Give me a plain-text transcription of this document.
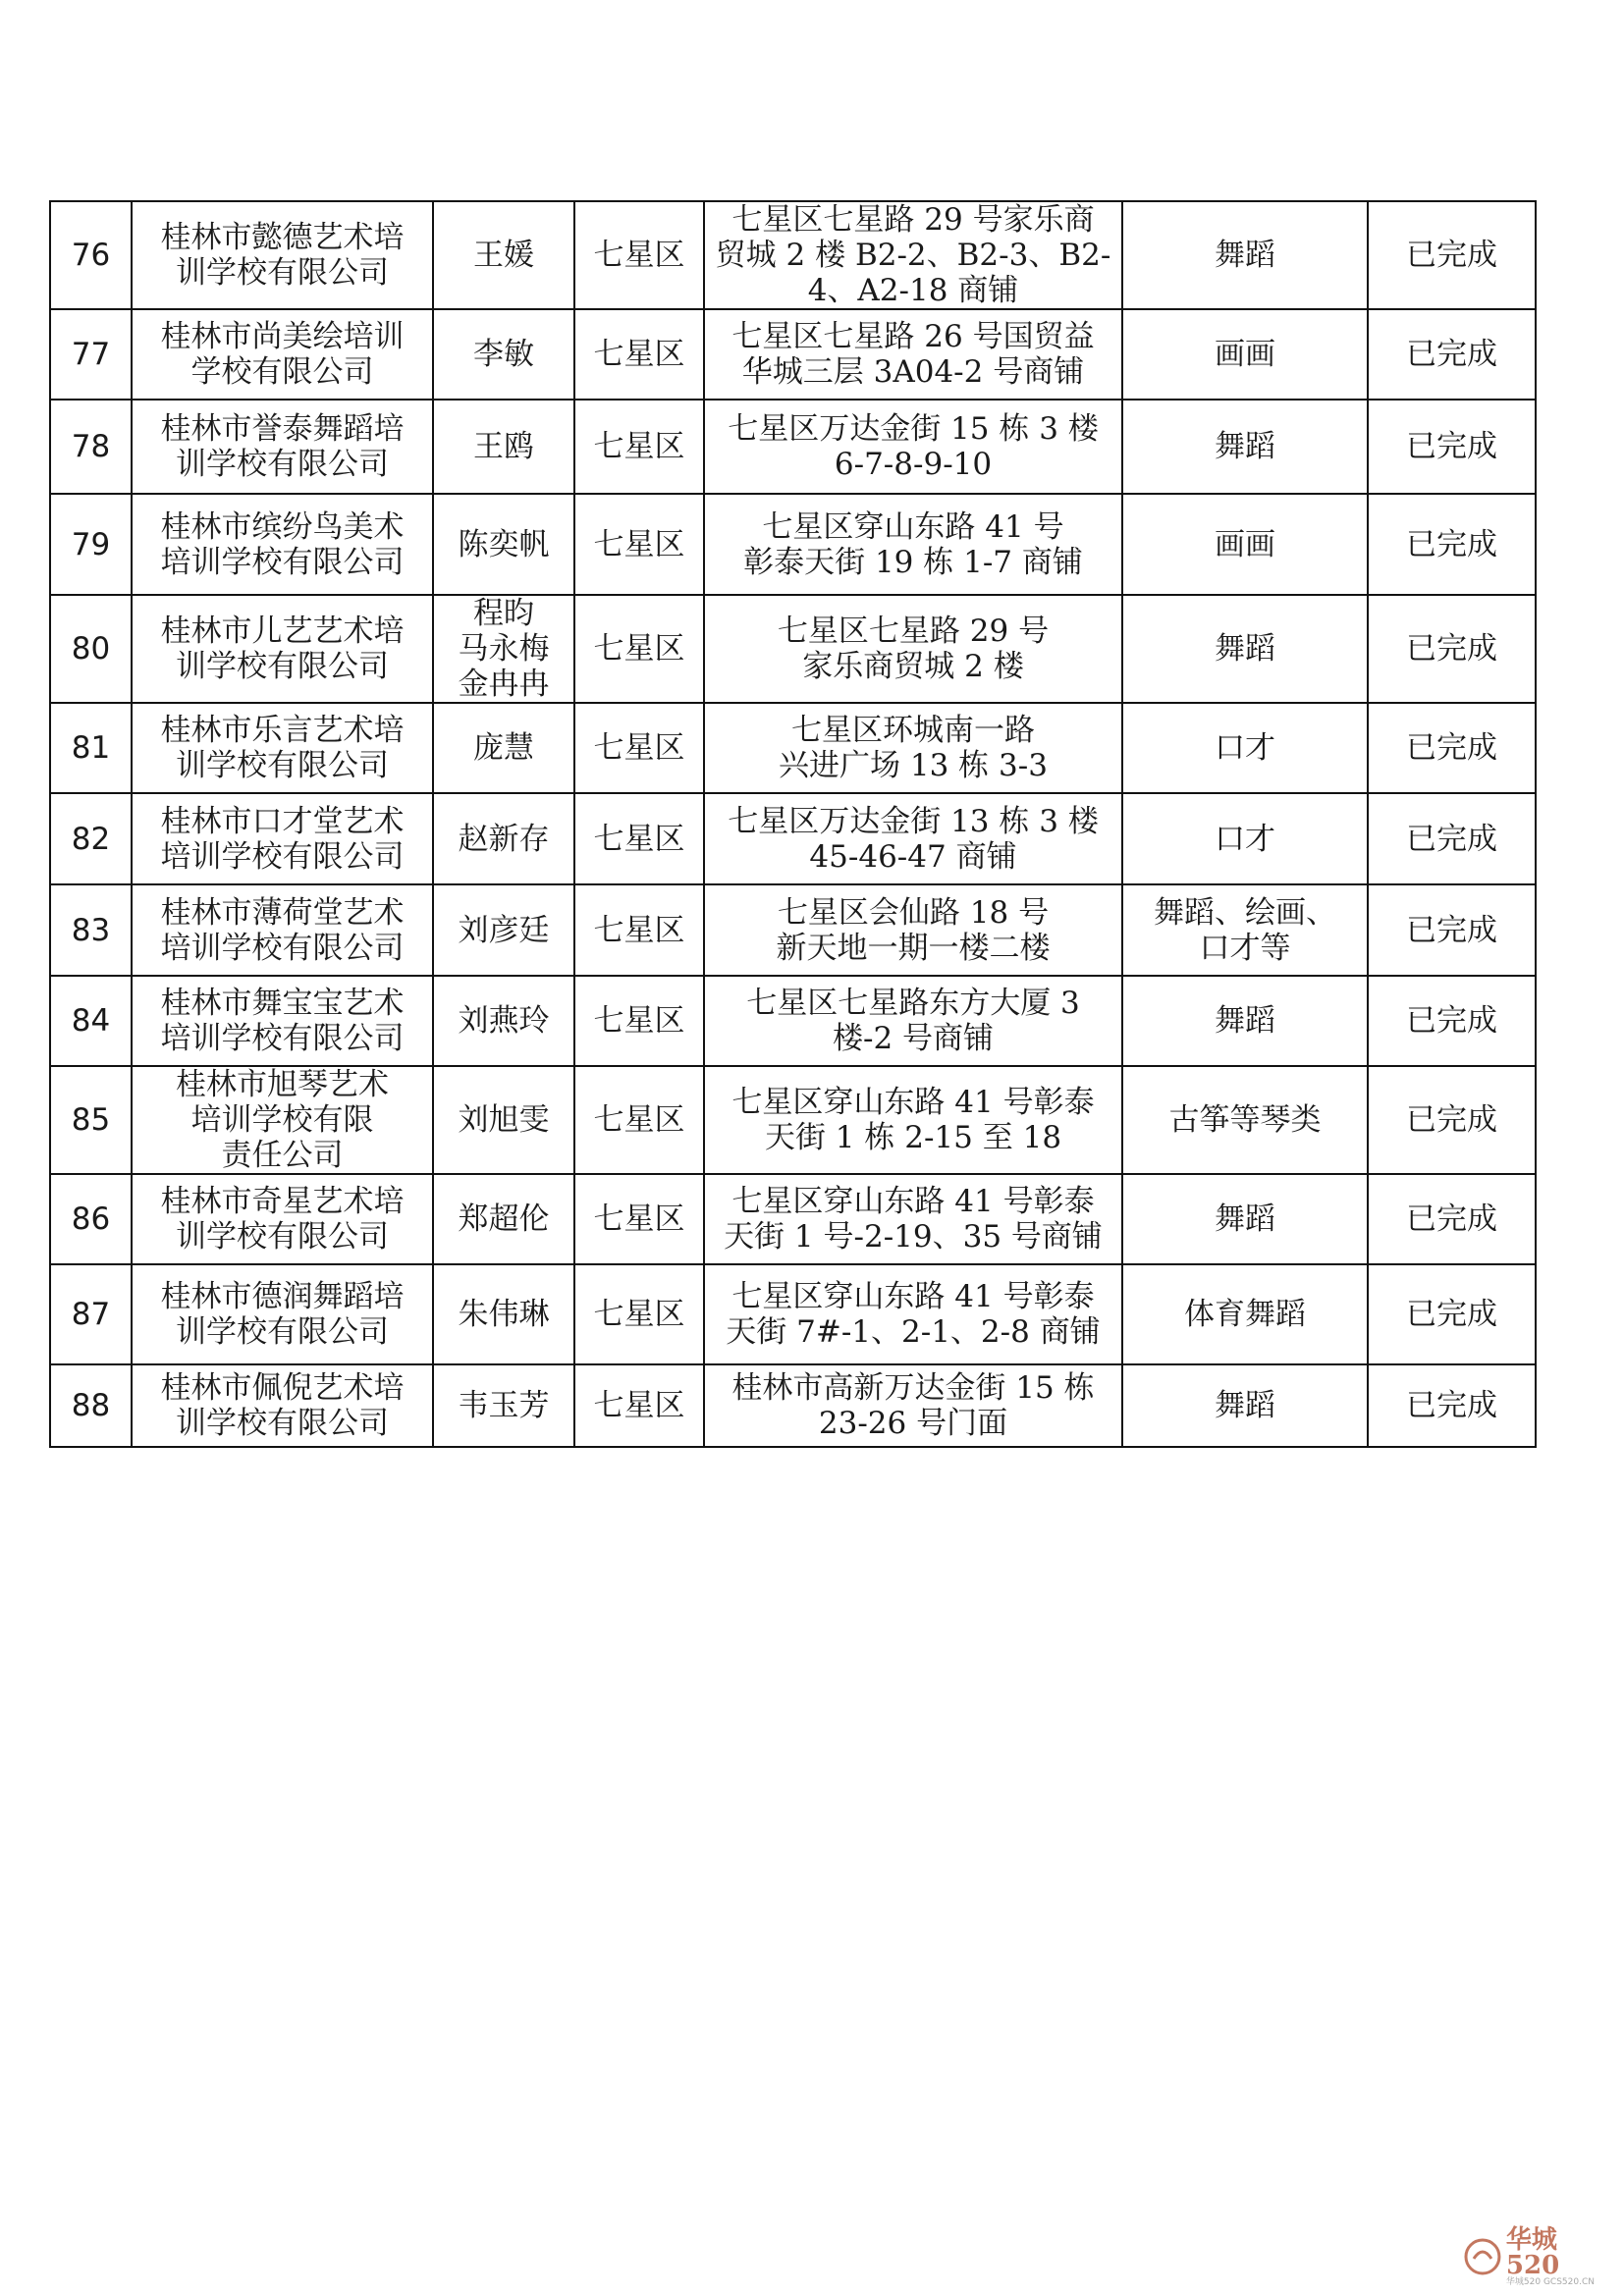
76	桂林市懿德艺术培
训学校有限公司	王媛	七星区	七星区七星路 29 号家乐商
贸城 2 楼 B2-2、B2-3、B2-
4、A2-18 商铺	舞蹈	已完成
77	桂林市尚美绘培训
学校有限公司	李敏	七星区	七星区七星路 26 号国贸益
华城三层 3A04-2 号商铺	画画	已完成
78	桂林市誉泰舞蹈培
训学校有限公司	王鸥	七星区	七星区万达金街 15 栋 3 楼
6-7-8-9-10	舞蹈	已完成
79	桂林市缤纷鸟美术
培训学校有限公司	陈奕帆	七星区	七星区穿山东路 41 号
彰泰天街 19 栋 1-7 商铺	画画	已完成
80	桂林市儿艺艺术培
训学校有限公司	程昀
马永梅
金冉冉	七星区	七星区七星路 29 号
家乐商贸城 2 楼	舞蹈	已完成
81	桂林市乐言艺术培
训学校有限公司	庞慧	七星区	七星区环城南一路
兴进广场 13 栋 3-3	口才	已完成
82	桂林市口才堂艺术
培训学校有限公司	赵新存	七星区	七星区万达金街 13 栋 3 楼
45-46-47 商铺	口才	已完成
83	桂林市薄荷堂艺术
培训学校有限公司	刘彦廷	七星区	七星区会仙路 18 号
新天地一期一楼二楼	舞蹈、绘画、
口才等	已完成
84	桂林市舞宝宝艺术
培训学校有限公司	刘燕玲	七星区	七星区七星路东方大厦 3
楼-2 号商铺	舞蹈	已完成
85	桂林市旭琴艺术
培训学校有限
责任公司	刘旭雯	七星区	七星区穿山东路 41 号彰泰
天街 1 栋 2-15 至 18	古筝等琴类	已完成
86	桂林市奇星艺术培
训学校有限公司	郑超伦	七星区	七星区穿山东路 41 号彰泰
天街 1 号-2-19、35 号商铺	舞蹈	已完成
87	桂林市德润舞蹈培
训学校有限公司	朱伟琳	七星区	七星区穿山东路 41 号彰泰
天街 7#-1、2-1、2-8 商铺	体育舞蹈	已完成
88	桂林市佩倪艺术培
训学校有限公司	韦玉芳	七星区	桂林市高新万达金街 15 栋
23-26 号门面	舞蹈	已完成
华城520
华城520 GCS520.CN
